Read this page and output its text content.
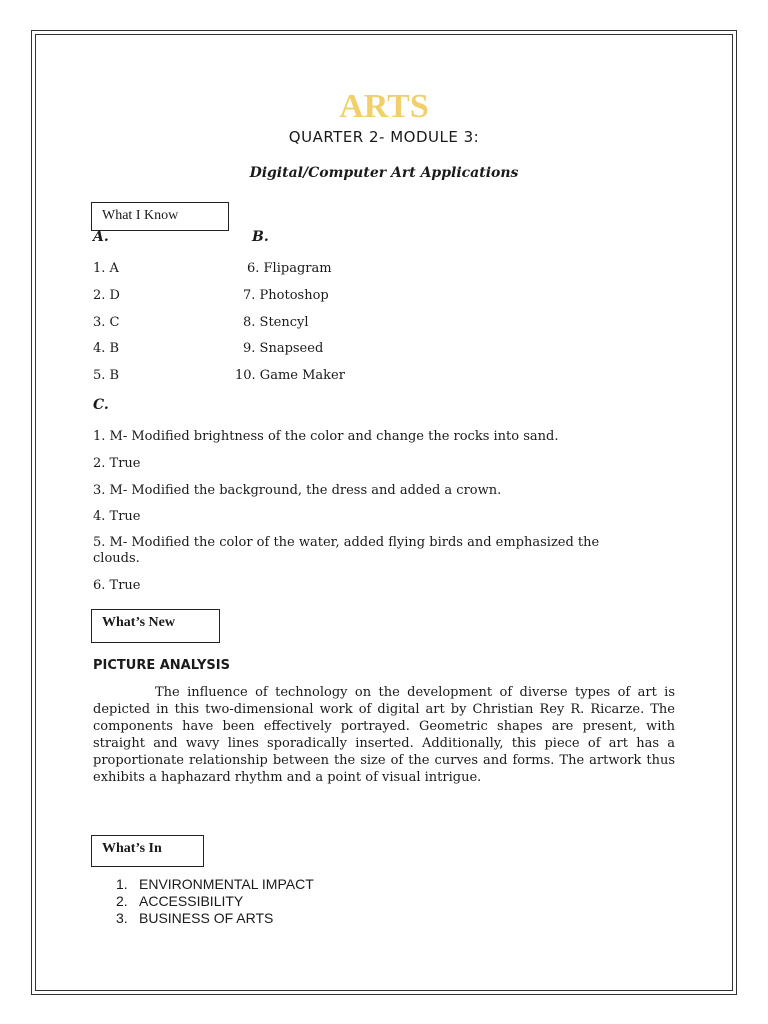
ARTS
QUARTER 2- MODULE 3:
Digital/Computer Art Applications
What I Know
A.	B.
1. A
2. D
3. C
4. B
5. B
6. Flipagram
7. Photoshop
8. Stencyl
9. Snapseed
10. Game Maker
C.
1. M- Modified brightness of the color and change the rocks into sand.
2. True
3. M- Modified the background, the dress and added a crown.
4. True
5. M- Modified the color of the water, added flying birds and emphasized the clouds.
6. True
What’s New
PICTURE ANALYSIS
The influence of technology on the development of diverse types of art is depicted in this two-dimensional work of digital art by Christian Rey R. Ricarze. The components have been effectively portrayed. Geometric shapes are present, with straight and wavy lines sporadically inserted. Additionally, this piece of art has a proportionate relationship between the size of the curves and forms. The artwork thus exhibits a haphazard rhythm and a point of visual intrigue.
What’s In
1. ENVIRONMENTAL IMPACT
2. ACCESSIBILITY
3. BUSINESS OF ARTS
